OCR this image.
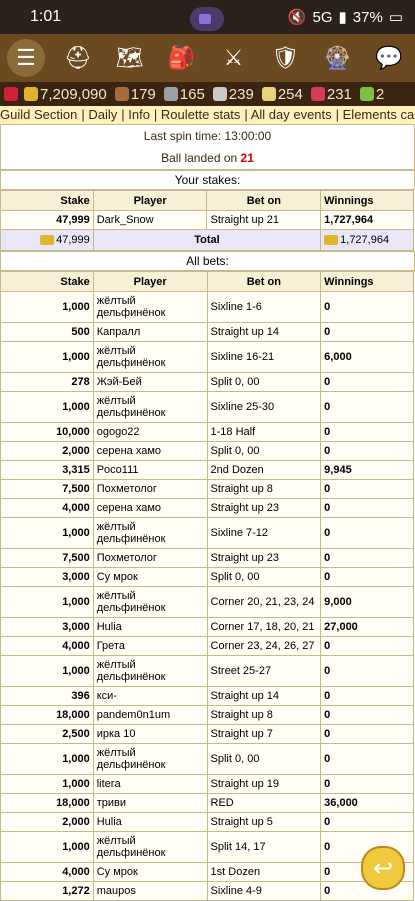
1:01	🔇 5G ▮ 37% ▭
☰	⛑ 🗺 🎒	⚔	🛡 🎡 💬
7,209,090 179 165 239 254 231 2
Guild Section | Daily | Info | Roulette stats | All day events | Elements ca
Last spin time: 13:00:00
Ball landed on 21
Your stakes:
Stake	Player	Bet on	Winnings
47,999	Dark_Snow	Straight up 21	1,727,964
47,999	Total		1,727,964
All bets:
Stake	Player	Bet on	Winnings
1,000	жёлтый дельфинёнок	Sixline 1-6	0
500	Капралл	Straight up 14	0
1,000	жёлтый дельфинёнок	Sixline 16-21	6,000
278	Жэй-Бей	Split 0, 00	0
1,000	жёлтый дельфинёнок	Sixline 25-30	0
10,000	ogogo22	1-18 Half	0
2,000	серена хамо	Split 0, 00	0
3,315	Poco111	2nd Dozen	9,945
7,500	Похметолог	Straight up 8	0
4,000	серена хамо	Straight up 23	0
1,000	жёлтый дельфинёнок	Sixline 7-12	0
7,500	Похметолог	Straight up 23	0
3,000	Су мрок	Split 0, 00	0
1,000	жёлтый дельфинёнок	Corner 20, 21, 23, 24	9,000
3,000	Hulia	Corner 17, 18, 20, 21	27,000
4,000	Грета	Corner 23, 24, 26, 27	0
1,000	жёлтый дельфинёнок	Street 25-27	0
396	кси-	Straight up 14	0
18,000	pandem0n1um	Straight up 8	0
2,500	ирка 10	Straight up 7	0
1,000	жёлтый дельфинёнок	Split 0, 00	0
1,000	litera	Straight up 19	0
18,000	триви	RED	36,000
2,000	Hulia	Straight up 5	0
1,000	жёлтый дельфинёнок	Split 14, 17	0
4,000	Су мрок	1st Dozen	0
1,272	maupos	Sixline 4-9	0
↩
